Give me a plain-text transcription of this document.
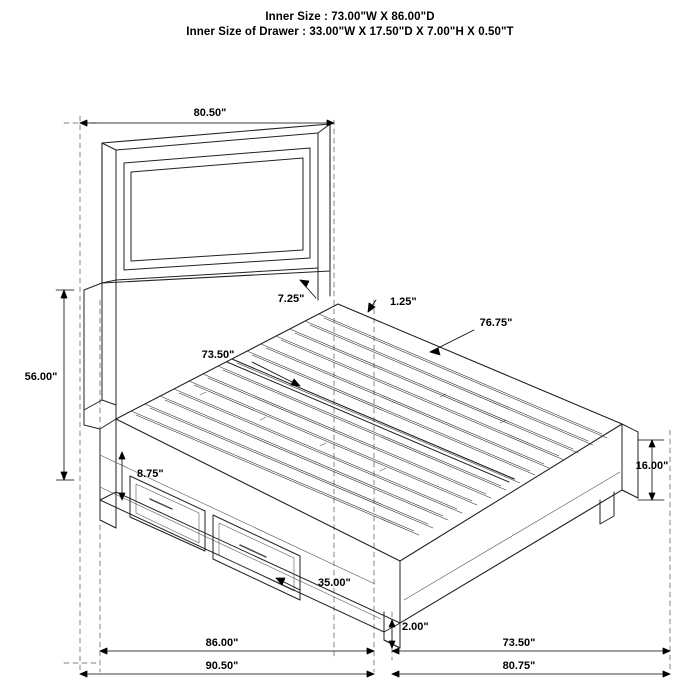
Inner Size : 73.00"W X 86.00"D
Inner Size of Drawer : 33.00"W X 17.50"D X 7.00"H X 0.50"T
80.50"
7.25"	1.25"
76.75"
73.50"
56.00"
8.75"
16.00"
35.00"
2.00"
86.00"	73.50"
90.50"	80.75"
